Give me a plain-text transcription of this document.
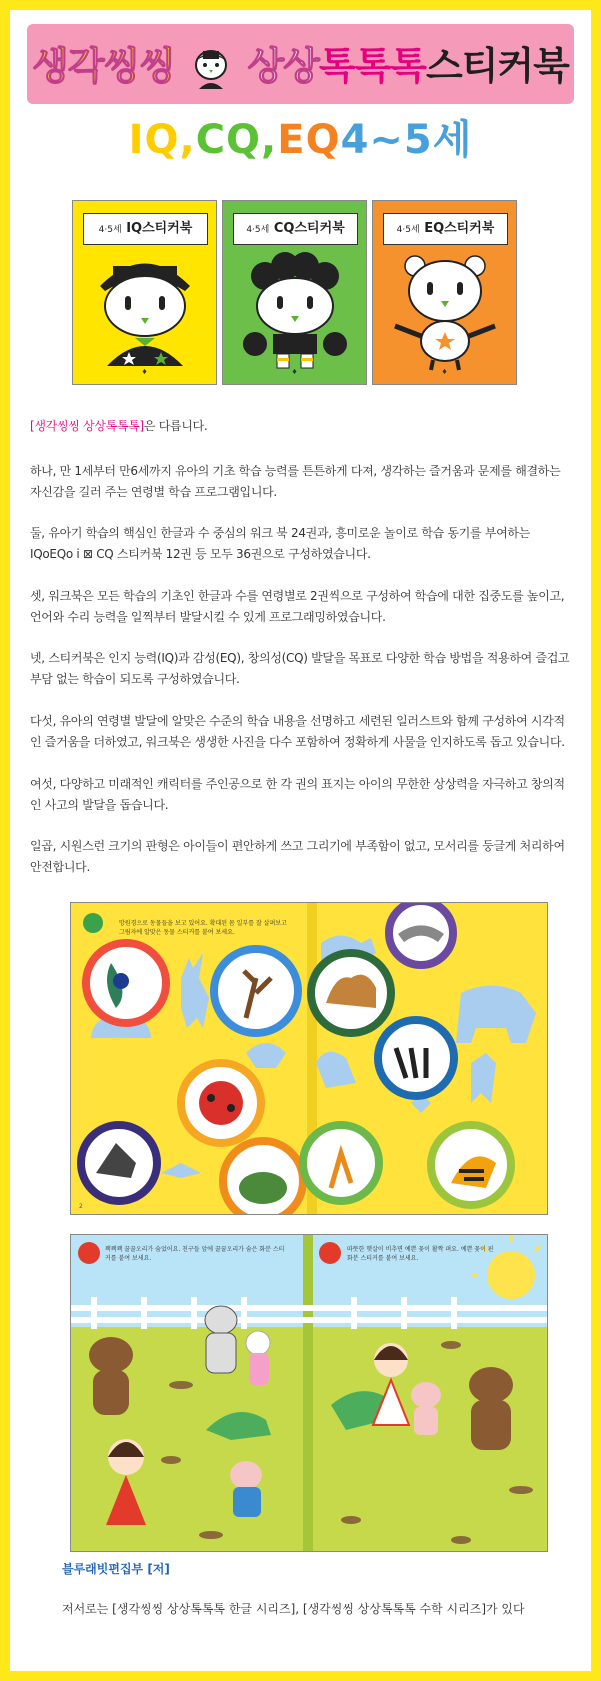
생각씽씽 상상톡톡톡스티커북
IQ,CQ,EQ4~5세
4·5세 IQ스티커북
♦
4·5세 CQ스티커북
♦
4·5세 EQ스티커북
♦
[생각씽씽 상상톡톡톡]은 다릅니다.
하나, 만 1세부터 만6세까지 유아의 기초 학습 능력를 튼튼하게 다져, 생각하는 즐거움과 문제를 해결하는 자신감을 길러 주는 연령별 학습 프로그램입니다.
둘, 유아기 학습의 핵심인 한글과 수 중심의 워크 북 24권과, 흥미로운 놀이로 학습 동기를 부여하는 IQoEQo i ⊠ CQ 스티커북 12권 등 모두 36권으로 구성하였습니다.
셋, 워크북은 모든 학습의 기초인 한글과 수를 연령별로 2권씩으로 구성하여 학습에 대한 집중도를 높이고, 언어와 수리 능력을 일찍부터 발달시킬 수 있게 프로그래밍하였습니다.
넷, 스티커북은 인지 능력(IQ)과 감성(EQ), 창의성(CQ) 발달을 목표로 다양한 학습 방법을 적용하여 즐겁고 부담 없는 학습이 되도록 구성하였습니다.
다섯, 유아의 연령별 발달에 알맞은 수준의 학습 내용을 선명하고 세련된 일러스트와 함께 구성하여 시각적인 즐거움을 더하였고, 워크북은 생생한 사진을 다수 포함하여 정확하게 사물을 인지하도록 돕고 있습니다.
여섯, 다양하고 미래적인 캐릭터를 주인공으로 한 각 권의 표지는 아이의 무한한 상상력을 자극하고 창의적인 사고의 발달을 돕습니다.
일곱, 시원스런 크기의 판형은 아이들이 편안하게 쓰고 그리기에 부족함이 없고, 모서리를 둥글게 처리하여 안전합니다.
망원경으로 동물들을 보고 있어요. 확대된 몸 일부를 잘 살펴보고 그림자에 알맞은 동물 스티커를 붙여 보세요.
2
꽥꽥꽥 꿀꿀오리가 숨었어요. 친구들 앞에 꿀꿀오리가 숨은 화분 스티커를 붙여 보세요.
따뜻한 햇살이 비추면 예쁜 꽃이 활짝 펴요. 예쁜 꽃이 핀 화분 스티커를 붙여 보세요.
블루래빗편집부 [저]
저서로는 [생각씽씽 상상톡톡톡 한글 시리즈], [생각씽씽 상상톡톡톡 수학 시리즈]가 있다
